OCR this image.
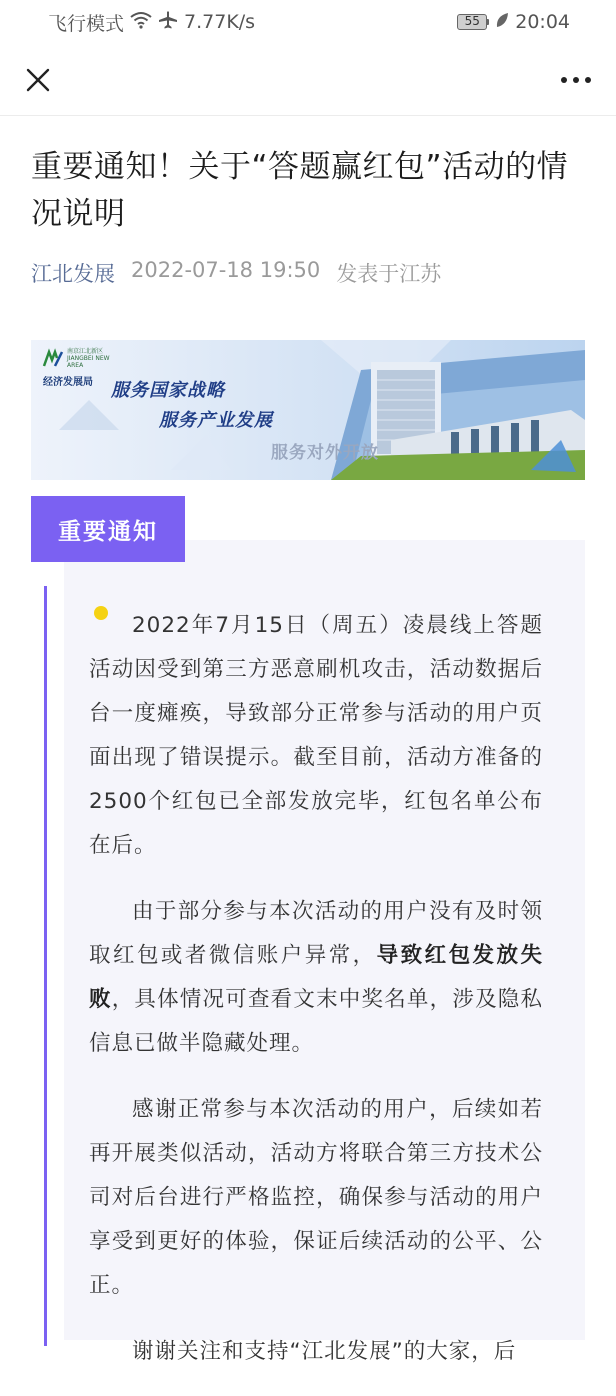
飞行模式	7.77K/s	55	20:04
重要通知！关于“答题赢红包”活动的情况说明
江北发展 2022-07-18 19:50 发表于江苏
南京江北新区 JIANGBEI NEW AREA
经济发展局	服务国家战略
服务产业发展
服务对外开放
重要通知

2022年7月15日（周五）凌晨线上答题活动因受到第三方恶意刷机攻击，活动数据后台一度瘫痪，导致部分正常参与活动的用户页面出现了错误提示。截至目前，活动方准备的2500个红包已全部发放完毕，红包名单公布在后。

由于部分参与本次活动的用户没有及时领取红包或者微信账户异常，导致红包发放失败，具体情况可查看文末中奖名单，涉及隐私信息已做半隐藏处理。

感谢正常参与本次活动的用户，后续如若再开展类似活动，活动方将联合第三方技术公司对后台进行严格监控，确保参与活动的用户享受到更好的体验，保证后续活动的公平、公正。

谢谢关注和支持“江北发展”的大家，后
